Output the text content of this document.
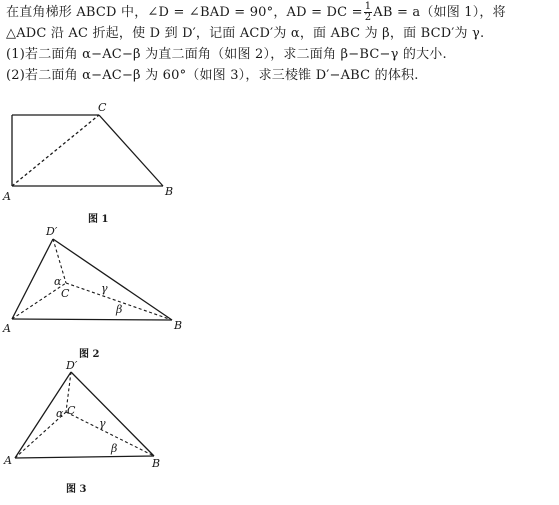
在直角梯形 ABCD 中，∠D = ∠BAD = 90°，AD = DC = $\frac{1}{2}$ AB = a（如图 1），将
△ADC 沿 AC 折起，使 D 到 D′，记面 ACD′为 α，面 ABC 为 β，面 BCD′为 γ.
(1)若二面角 α−AC−β 为直二面角（如图 2），求二面角 β−BC−γ 的大小.
(2)若二面角 α−AC−β 为 60°（如图 3），求三棱锥 D′−ABC 的体积.
C
A	B
图 1
D′
α
C	γ
β
A	B
图 2
D′
α C
γ
β
A	B
图 3
